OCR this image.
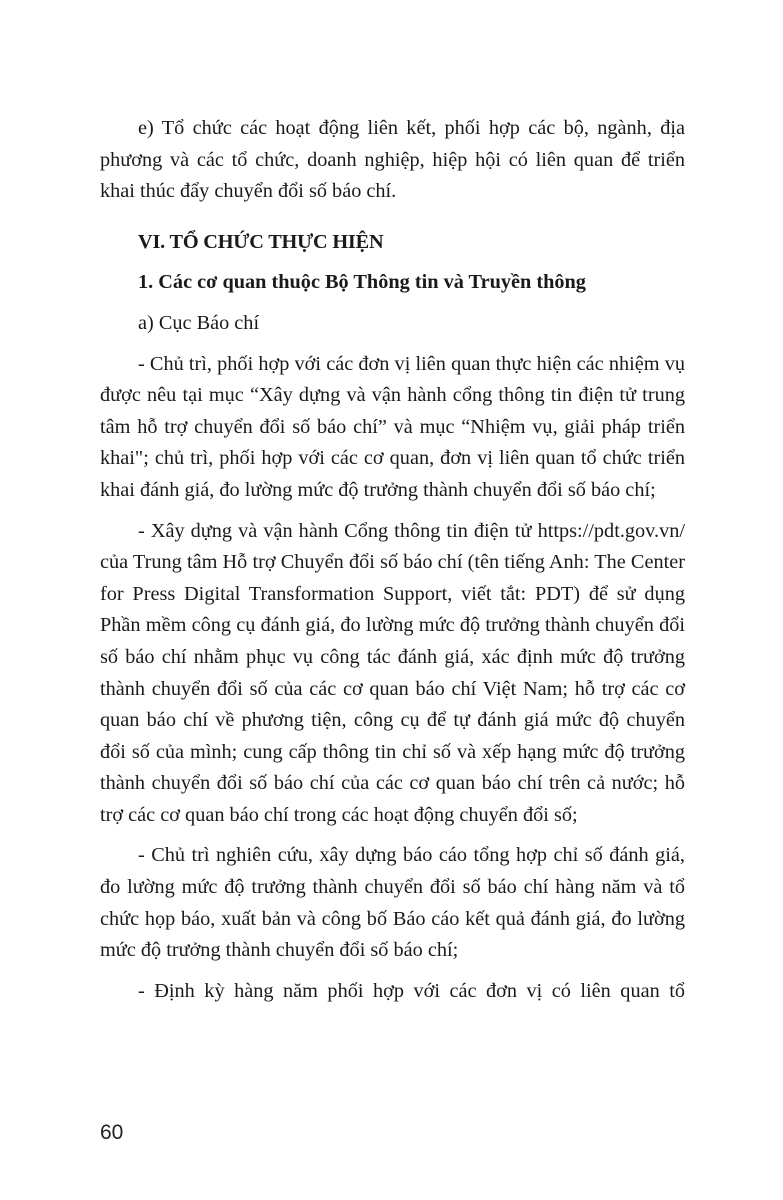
e) Tổ chức các hoạt động liên kết, phối hợp các bộ, ngành, địa phương và các tổ chức, doanh nghiệp, hiệp hội có liên quan để triển khai thúc đẩy chuyển đổi số báo chí.

VI. TỔ CHỨC THỰC HIỆN

1. Các cơ quan thuộc Bộ Thông tin và Truyền thông

a) Cục Báo chí

- Chủ trì, phối hợp với các đơn vị liên quan thực hiện các nhiệm vụ được nêu tại mục “Xây dựng và vận hành cổng thông tin điện tử trung tâm hỗ trợ chuyển đổi số báo chí” và mục “Nhiệm vụ, giải pháp triển khai"; chủ trì, phối hợp với các cơ quan, đơn vị liên quan tổ chức triển khai đánh giá, đo lường mức độ trưởng thành chuyển đổi số báo chí;

- Xây dựng và vận hành Cổng thông tin điện tử https://pdt.gov.vn/ của Trung tâm Hỗ trợ Chuyển đổi số báo chí (tên tiếng Anh: The Center for Press Digital Transformation Support, viết tắt: PDT) để sử dụng Phần mềm công cụ đánh giá, đo lường mức độ trưởng thành chuyển đổi số báo chí nhằm phục vụ công tác đánh giá, xác định mức độ trưởng thành chuyển đổi số của các cơ quan báo chí Việt Nam; hỗ trợ các cơ quan báo chí về phương tiện, công cụ để tự đánh giá mức độ chuyển đổi số của mình; cung cấp thông tin chỉ số và xếp hạng mức độ trưởng thành chuyển đổi số báo chí của các cơ quan báo chí trên cả nước; hỗ trợ các cơ quan báo chí trong các hoạt động chuyển đổi số;

- Chủ trì nghiên cứu, xây dựng báo cáo tổng hợp chỉ số đánh giá, đo lường mức độ trưởng thành chuyển đổi số báo chí hàng năm và tổ chức họp báo, xuất bản và công bố Báo cáo kết quả đánh giá, đo lường mức độ trưởng thành chuyển đổi số báo chí;

- Định kỳ hàng năm phối hợp với các đơn vị có liên quan tổ

60
